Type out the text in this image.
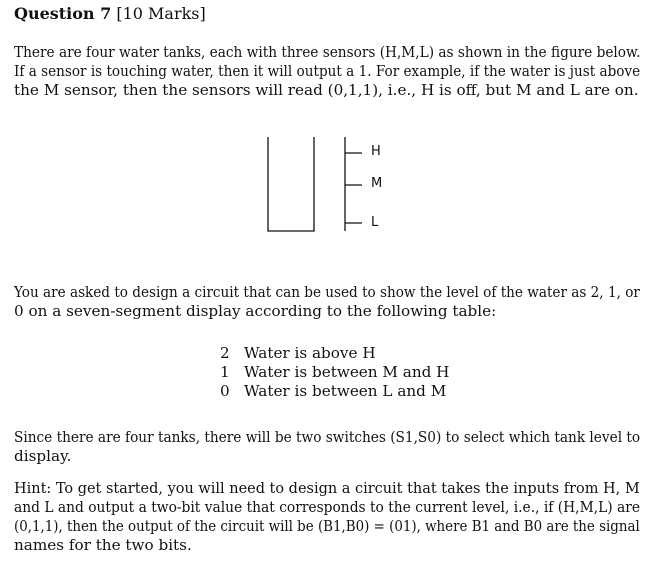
Question 7 [10 Marks]
There are four water tanks, each with three sensors (H,M,L) as shown in the figure below.
If a sensor is touching water, then it will output a 1. For example, if the water is just above
the M sensor, then the sensors will read (0,1,1), i.e., H is off, but M and L are on.
H
M
L
You are asked to design a circuit that can be used to show the level of the water as 2, 1, or
0 on a seven-segment display according to the following table:
2 Water is above H
1 Water is between M and H
0 Water is between L and M
Since there are four tanks, there will be two switches (S1,S0) to select which tank level to
display.
Hint: To get started, you will need to design a circuit that takes the inputs from H, M
and L and output a two-bit value that corresponds to the current level, i.e., if (H,M,L) are
(0,1,1), then the output of the circuit will be (B1,B0) = (01), where B1 and B0 are the signal
names for the two bits.
